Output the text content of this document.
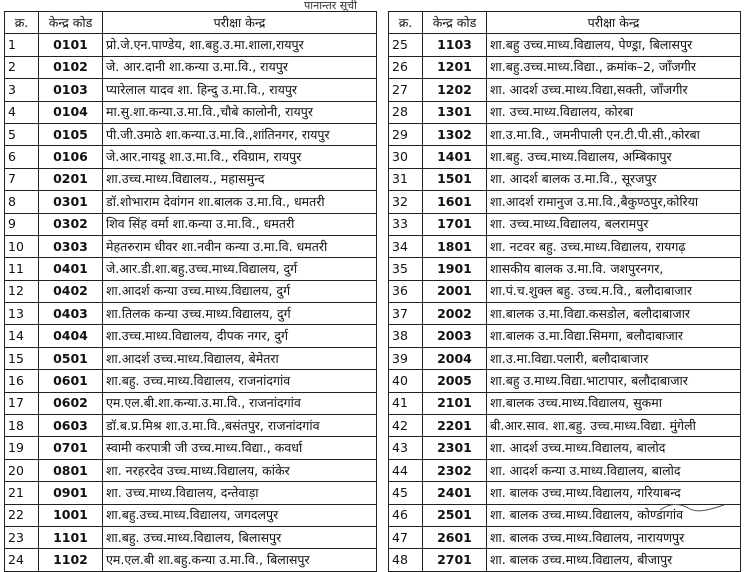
पानान्तर सूची
क्र.	केन्द्र कोड	परीक्षा केन्द्र
1	0101	प्रो.जे.एन.पाण्डेय, शा.बहु.उ.मा.शाला,रायपुर
2	0102	जे. आर.दानी शा.कन्या उ.मा.वि., रायपुर
3	0103	प्यारेलाल यादव शा. हिन्दु उ.मा.वि., रायपुर
4	0104	मा.सु.शा.कन्या.उ.मा.वि.,चौबे कालोनी, रायपुर
5	0105	पी.जी.उमाठे शा.कन्या.उ.मा.वि.,शांतिनगर, रायपुर
6	0106	जे.आर.नायडू शा.उ.मा.वि., रविग्राम, रायपुर
7	0201	शा.उच्च.माध्य.विद्यालय., महासमुन्द
8	0301	डॉ.शोभाराम देवांगन शा.बालक उ.मा.वि., धमतरी
9	0302	शिव सिंह वर्मा शा.कन्या उ.मा.वि., धमतरी
10	0303	मेहतरुराम धीवर शा.नवीन कन्या उ.मा.वि. धमतरी
11	0401	जे.आर.डी.शा.बहु.उच्च.माध्य.विद्यालय, दुर्ग
12	0402	शा.आदर्श कन्या उच्च.माध्य.विद्यालय, दुर्ग
13	0403	शा.तिलक कन्या उच्च.माध्य.विद्यालय, दुर्ग
14	0404	शा.उच्च.माध्य.विद्यालय, दीपक नगर, दुर्ग
15	0501	शा.आदर्श उच्च.माध्य.विद्यालय, बेमेतरा
16	0601	शा.बहु. उच्च.माध्य.विद्यालय, राजनांदगांव
17	0602	एम.एल.बी.शा.कन्या.उ.मा.वि., राजनांदगांव
18	0603	डॉ.ब.प्र.मिश्र शा.उ.मा.वि.,बसंतपुर, राजनांदगांव
19	0701	स्वामी करपात्री जी उच्च.माध्य.विद्या., कवर्धा
20	0801	शा. नरहरदेव उच्च.माध्य.विद्यालय, कांकेर
21	0901	शा. उच्च.माध्य.विद्यालय, दन्तेवाड़ा
22	1001	शा.बहु.उच्च.माध्य.विद्यालय, जगदलपुर
23	1101	शा.बहु. उच्च.माध्य.विद्यालय, बिलासपुर
24	1102	एम.एल.बी शा.बहु.कन्या उ.मा.वि., बिलासपुर
क्र.	केन्द्र कोड	परीक्षा केन्द्र
25	1103	शा.बहु उच्च.माध्य.विद्यालय, पेण्ड्रा, बिलासपुर
26	1201	शा.बहु.उच्च.माध्य.विद्या., क्रमांक–2, जाँजगीर
27	1202	शा. आदर्श उच्च.माध्य.विद्या,सक्ती, जाँजगीर
28	1301	शा. उच्च.माध्य.विद्यालय, कोरबा
29	1302	शा.उ.मा.वि., जमनीपाली एन.टी.पी.सी.,कोरबा
30	1401	शा.बहु. उच्च.माध्य.विद्यालय, अम्बिकापुर
31	1501	शा. आदर्श बालक उ.मा.वि., सूरजपुर
32	1601	शा.आदर्श रामानुज उ.मा.वि.,बैकुण्ठपुर,कोरिया
33	1701	शा. उच्च.माध्य.विद्यालय, बलरामपुर
34	1801	शा. नटवर बहु. उच्च.माध्य.विद्यालय, रायगढ़
35	1901	शासकीय बालक उ.मा.वि. जशपुरनगर,
36	2001	शा.पं.च.शुक्ल बहु. उच्च.म.वि., बलौदाबाजार
37	2002	शा.बालक उ.मा.विद्या.कसडोल, बलौदाबाजार
38	2003	शा.बालक उ.मा.विद्या.सिमगा, बलौदाबाजार
39	2004	शा.उ.मा.विद्या.पलारी, बलौदाबाजार
40	2005	शा.बहु उ.माध्य.विद्या.भाटापार, बलौदाबाजार
41	2101	शा.बालक उच्च.माध्य.विद्यालय, सुकमा
42	2201	बी.आर.साव. शा.बहु. उच्च.माध्य.विद्या. मुंगेली
43	2301	शा. आदर्श उच्च.माध्य.विद्यालय, बालोद
44	2302	शा. आदर्श कन्या उ.माध्य.विद्यालय, बालोद
45	2401	शा. बालक उच्च.माध्य.विद्यालय, गरियाबन्द
46	2501	शा. बालक उच्च.माध्य.विद्यालय, कोण्डागांव
47	2601	शा. बालक उच्च.माध्य.विद्यालय, नारायणपुर
48	2701	शा. बालक उच्च.माध्य.विद्यालय, बीजापुर
